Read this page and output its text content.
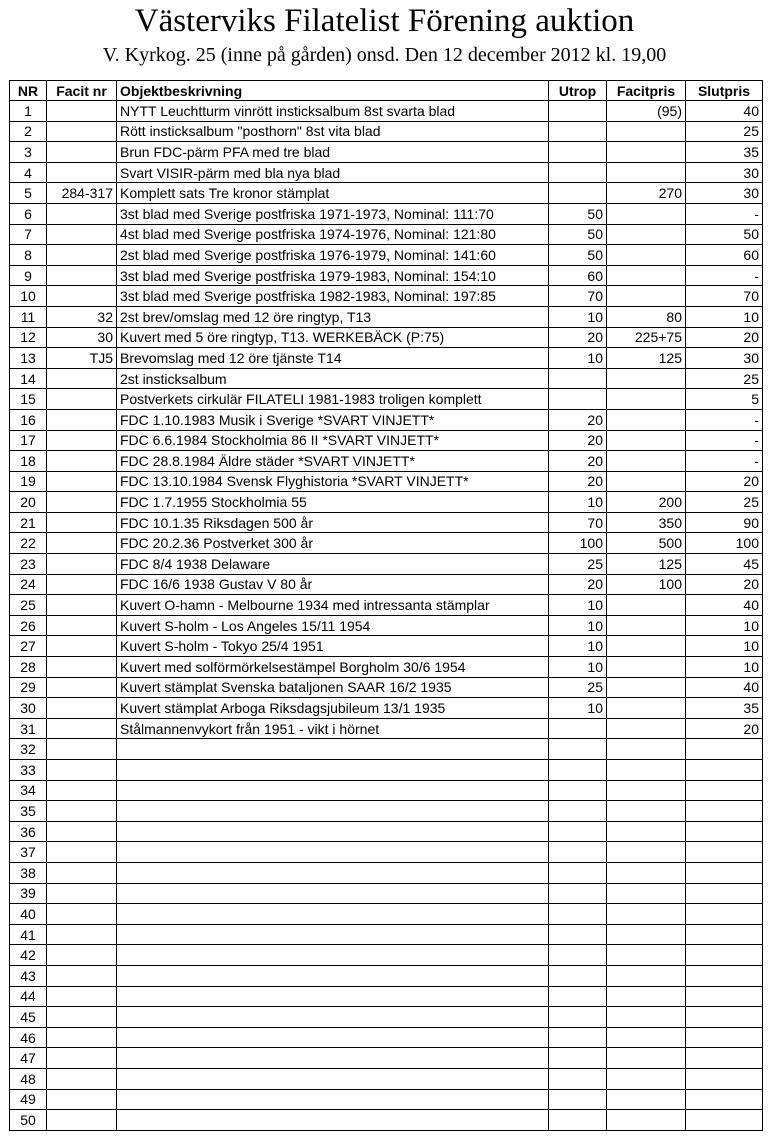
Västerviks Filatelist Förening auktion
V. Kyrkog. 25 (inne på gården) onsd. Den 12 december 2012 kl. 19,00
NR	Facit nr	Objektbeskrivning	Utrop	Facitpris	Slutpris
1		NYTT Leuchtturm vinrött insticksalbum 8st svarta blad		(95)	40
2		Rött insticksalbum "posthorn" 8st vita blad			25
3		Brun FDC-pärm PFA med tre blad			35
4		Svart VISIR-pärm med bla nya blad			30
5	284-317	Komplett sats Tre kronor stämplat		270	30
6		3st blad med Sverige postfriska 1971-1973, Nominal: 111:70	50		-
7		4st blad med Sverige postfriska 1974-1976, Nominal: 121:80	50		50
8		2st blad med Sverige postfriska 1976-1979, Nominal: 141:60	50		60
9		3st blad med Sverige postfriska 1979-1983, Nominal: 154:10	60		-
10		3st blad med Sverige postfriska 1982-1983, Nominal: 197:85	70		70
11	32	2st brev/omslag med 12 öre ringtyp, T13	10	80	10
12	30	Kuvert med 5 öre ringtyp, T13. WERKEBÄCK (P:75)	20	225+75	20
13	TJ5	Brevomslag med 12 öre tjänste T14	10	125	30
14		2st insticksalbum			25
15		Postverkets cirkulär FILATELI 1981-1983 troligen komplett			5
16		FDC 1.10.1983 Musik i Sverige *SVART VINJETT*	20		-
17		FDC 6.6.1984 Stockholmia 86 II *SVART VINJETT*	20		-
18		FDC 28.8.1984 Äldre städer *SVART VINJETT*	20		-
19		FDC 13.10.1984 Svensk Flyghistoria *SVART VINJETT*	20		20
20		FDC 1.7.1955 Stockholmia 55	10	200	25
21		FDC 10.1.35 Riksdagen 500 år	70	350	90
22		FDC 20.2.36 Postverket 300 år	100	500	100
23		FDC 8/4 1938 Delaware	25	125	45
24		FDC 16/6 1938 Gustav V 80 år	20	100	20
25		Kuvert O-hamn - Melbourne 1934 med intressanta stämplar	10		40
26		Kuvert S-holm - Los Angeles 15/11 1954	10		10
27		Kuvert S-holm - Tokyo 25/4 1951	10		10
28		Kuvert med solförmörkelsestämpel Borgholm 30/6 1954	10		10
29		Kuvert stämplat Svenska bataljonen SAAR 16/2 1935	25		40
30		Kuvert stämplat Arboga Riksdagsjubileum 13/1 1935	10		35
31		Stålmannenvykort från 1951 - vikt i hörnet			20
32					
33					
34					
35					
36					
37					
38					
39					
40					
41					
42					
43					
44					
45					
46					
47					
48					
49					
50					
